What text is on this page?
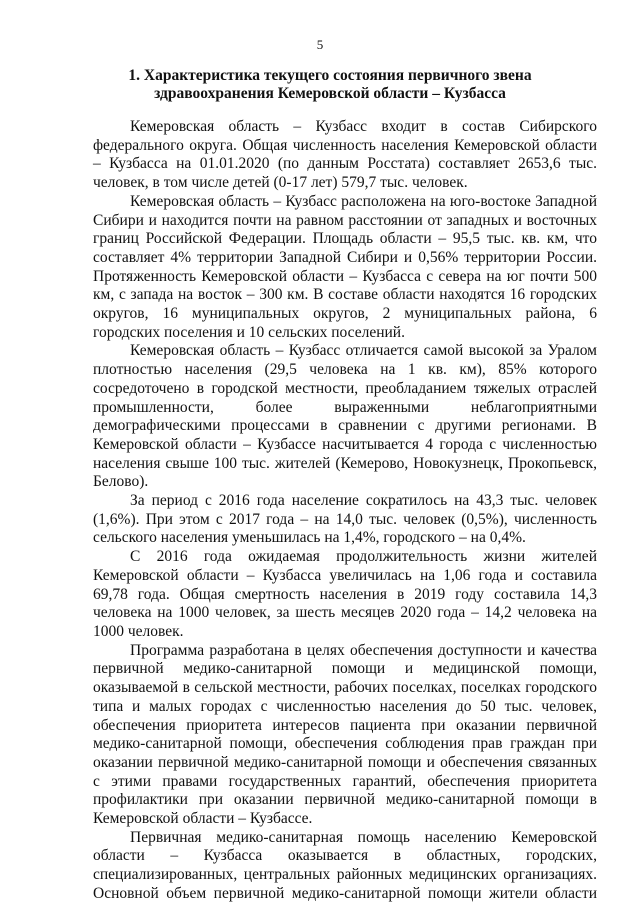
5
1. Характеристика текущего состояния первичного звена
здравоохранения Кемеровской области – Кузбасса

Кемеровская область – Кузбасс входит в состав Сибирского федерального округа. Общая численность населения Кемеровской области – Кузбасса на 01.01.2020 (по данным Росстата) составляет 2653,6 тыс. человек, в том числе детей (0-17 лет) 579,7 тыс. человек.

Кемеровская область – Кузбасс расположена на юго-востоке Западной Сибири и находится почти на равном расстоянии от западных и восточных границ Российской Федерации. Площадь области – 95,5 тыс. кв. км, что составляет 4% территории Западной Сибири и 0,56% территории России. Протяженность Кемеровской области – Кузбасса с севера на юг почти 500 км, с запада на восток – 300 км. В составе области находятся 16 городских округов, 16 муниципальных округов, 2 муниципальных района, 6 городских поселения и 10 сельских поселений.

Кемеровская область – Кузбасс отличается самой высокой за Уралом плотностью населения (29,5 человека на 1 кв. км), 85% которого сосредоточено в городской местности, преобладанием тяжелых отраслей промышленности, более выраженными неблагоприятными демографическими процессами в сравнении с другими регионами. В Кемеровской области – Кузбассе насчитывается 4 города с численностью населения свыше 100 тыс. жителей (Кемерово, Новокузнецк, Прокопьевск, Белово).

За период с 2016 года население сократилось на 43,3 тыс. человек (1,6%). При этом с 2017 года – на 14,0 тыс. человек (0,5%), численность сельского населения уменьшилась на 1,4%, городского – на 0,4%.

С 2016 года ожидаемая продолжительность жизни жителей Кемеровской области – Кузбасса увеличилась на 1,06 года и составила 69,78 года. Общая смертность населения в 2019 году составила 14,3 человека на 1000 человек, за шесть месяцев 2020 года – 14,2 человека на 1000 человек.

Программа разработана в целях обеспечения доступности и качества первичной медико-санитарной помощи и медицинской помощи, оказываемой в сельской местности, рабочих поселках, поселках городского типа и малых городах с численностью населения до 50 тыс. человек, обеспечения приоритета интересов пациента при оказании первичной медико-санитарной помощи, обеспечения соблюдения прав граждан при оказании первичной медико-санитарной помощи и обеспечения связанных с этими правами государственных гарантий, обеспечения приоритета профилактики при оказании первичной медико-санитарной помощи в Кемеровской области – Кузбассе.

Первичная медико-санитарная помощь населению Кемеровской области – Кузбасса оказывается в областных, городских, специализированных, центральных районных медицинских организациях. Основной объем первичной медико-санитарной помощи жители области
